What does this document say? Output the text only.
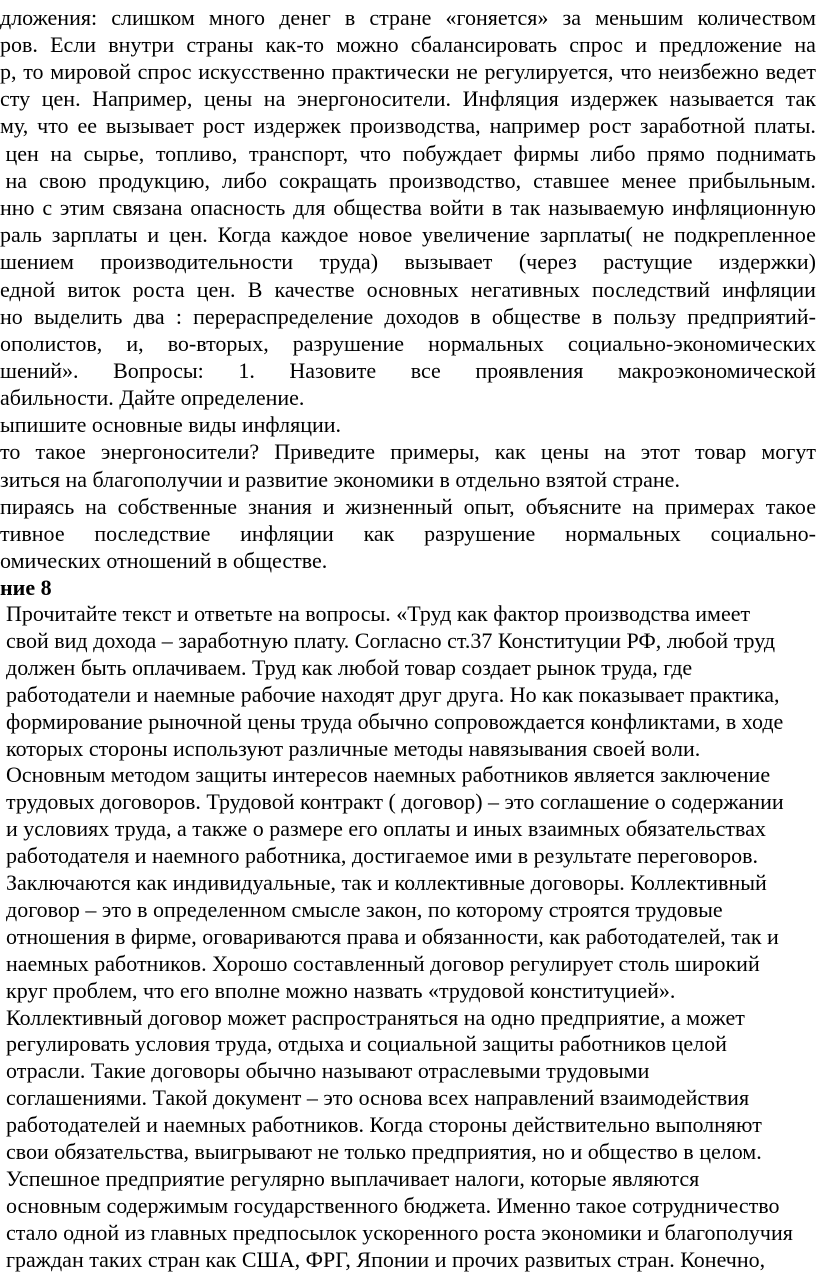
дложения: слишком много денег в стране «гоняется» за меньшим количеством
ров. Если внутри страны как-то можно сбалансировать спрос и предложение на
р, то мировой спрос искусственно практически не регулируется, что неизбежно ведет
сту цен. Например, цены на энергоносители. Инфляция издержек называется так
му, что ее вызывает рост издержек производства, например рост заработной платы.
цен на сырье, топливо, транспорт, что побуждает фирмы либо прямо поднимать
на свою продукцию, либо сокращать производство, ставшее менее прибыльным.
нно с этим связана опасность для общества войти в так называемую инфляционную
раль зарплаты и цен. Когда каждое новое увеличение зарплаты( не подкрепленное
шением производительности труда) вызывает (через растущие издержки)
едной виток роста цен. В качестве основных негативных последствий инфляции
но выделить два : перераспределение доходов в обществе в пользу предприятий-
ополистов, и, во-вторых, разрушение нормальных социально-экономических
шений». Вопросы: 1. Назовите все проявления макроэкономической
абильности. Дайте определение.
ыпишите основные виды инфляции.
то такое энергоносители? Приведите примеры, как цены на этот товар могут
зиться на благополучии и развитие экономики в отдельно взятой стране.
пираясь на собственные знания и жизненный опыт, объясните на примерах такое
тивное последствие инфляции как разрушение нормальных социально-
омических отношений в обществе.
ние 8
Прочитайте текст и ответьте на вопросы. «Труд как фактор производства имеет
свой вид дохода – заработную плату. Согласно ст.37 Конституции РФ, любой труд
должен быть оплачиваем. Труд как любой товар создает рынок труда, где
работодатели и наемные рабочие находят друг друга. Но как показывает практика,
формирование рыночной цены труда обычно сопровождается конфликтами, в ходе
которых стороны используют различные методы навязывания своей воли.
Основным методом защиты интересов наемных работников является заключение
трудовых договоров. Трудовой контракт ( договор) – это соглашение о содержании
и условиях труда, а также о размере его оплаты и иных взаимных обязательствах
работодателя и наемного работника, достигаемое ими в результате переговоров.
Заключаются как индивидуальные, так и коллективные договоры. Коллективный
договор – это в определенном смысле закон, по которому строятся трудовые
отношения в фирме, оговариваются права и обязанности, как работодателей, так и
наемных работников. Хорошо составленный договор регулирует столь широкий
круг проблем, что его вполне можно назвать «трудовой конституцией».
Коллективный договор может распространяться на одно предприятие, а может
регулировать условия труда, отдыха и социальной защиты работников целой
отрасли. Такие договоры обычно называют отраслевыми трудовыми
соглашениями. Такой документ – это основа всех направлений взаимодействия
работодателей и наемных работников. Когда стороны действительно выполняют
свои обязательства, выигрывают не только предприятия, но и общество в целом.
Успешное предприятие регулярно выплачивает налоги, которые являются
основным содержимым государственного бюджета. Именно такое сотрудничество
стало одной из главных предпосылок ускоренного роста экономики и благополучия
граждан таких стран как США, ФРГ, Японии и прочих развитых стран. Конечно,
